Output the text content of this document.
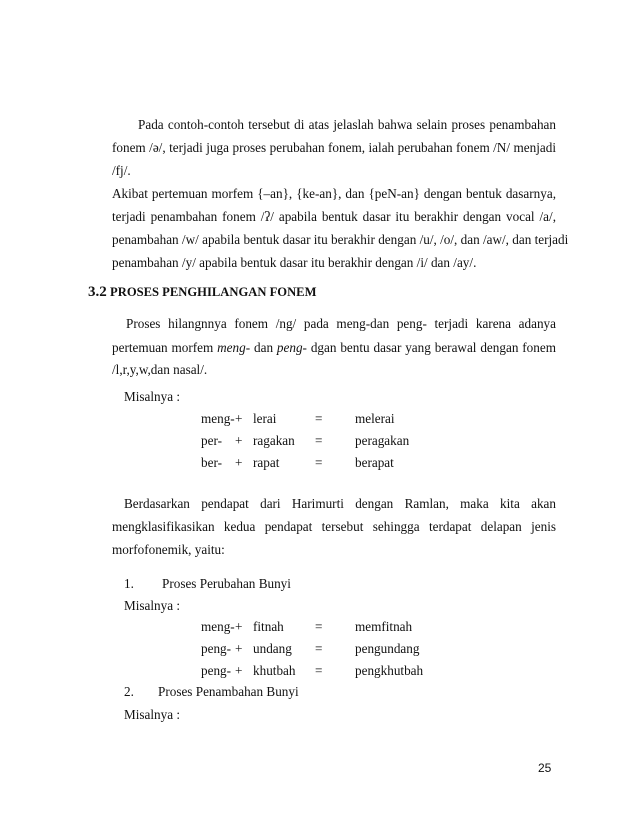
Pada contoh-contoh tersebut di atas jelaslah bahwa selain proses penambahan
fonem /ə/, terjadi juga proses perubahan fonem, ialah perubahan fonem /N/ menjadi
/fj/.
Akibat pertemuan morfem {–an}, {ke-an}, dan {peN-an} dengan bentuk dasarnya,
terjadi penambahan fonem /ʔ/ apabila bentuk dasar itu berakhir dengan vocal /a/,
penambahan /w/ apabila bentuk dasar itu berakhir dengan /u/, /o/, dan /aw/, dan terjadi
penambahan /y/ apabila bentuk dasar itu berakhir dengan /i/ dan /ay/.
3.2 PROSES PENGHILANGAN FONEM
Proses hilangnnya fonem /ng/ pada meng-dan peng- terjadi karena adanya
pertemuan morfem meng- dan peng- dgan bentu dasar yang berawal dengan fonem
/l,r,y,w,dan nasal/.
Misalnya :
meng- + lerai	= melerai
per- + ragakan = peragakan
ber- + rapat	= berapat
Berdasarkan pendapat dari Harimurti dengan Ramlan, maka kita akan
mengklasifikasikan kedua pendapat tersebut sehingga terdapat delapan jenis
morfofonemik, yaitu:
1. Proses Perubahan Bunyi
Misalnya :
meng- + fitnah = memfitnah
peng- + undang = pengundang
peng- + khutbah = pengkhutbah
2. Proses Penambahan Bunyi
Misalnya :
25
